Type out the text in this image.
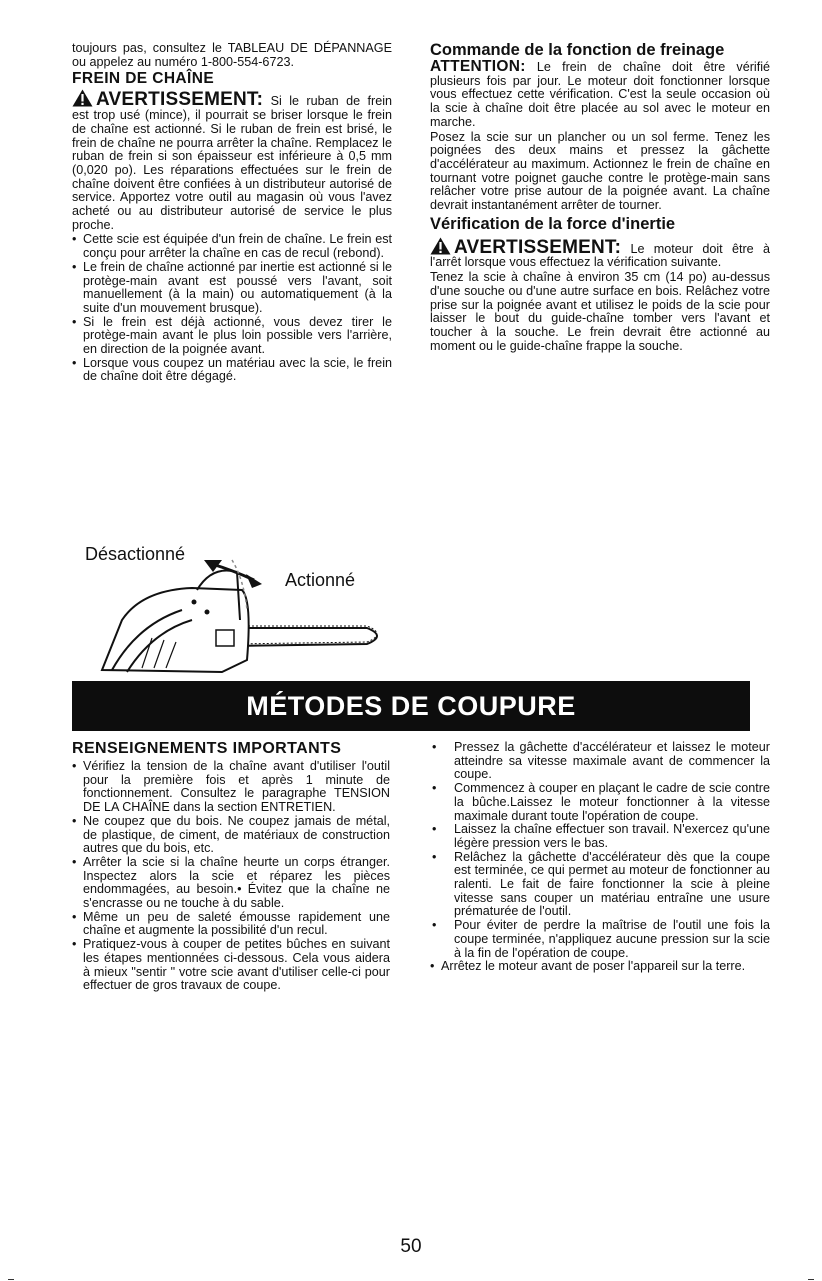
toujours pas, consultez le TABLEAU DE DÉPANNAGE ou appelez au numéro 1-800-554-6723.

FREIN DE CHAÎNE

AVERTISSEMENT: Si le ruban de frein est trop usé (mince), il pourrait se briser lorsque le frein de chaîne est actionné. Si le ruban de frein est brisé, le frein de chaîne ne pourra arrêter la chaîne. Remplacez le ruban de frein si son épaisseur est inférieure à 0,5 mm (0,020 po). Les réparations effectuées sur le frein de chaîne doivent être confiées à un distributeur autorisé de service. Apportez votre outil au magasin où vous l'avez acheté ou au distributeur autorisé de service le plus proche.

• Cette scie est équipée d'un frein de chaîne. Le frein est conçu pour arrêter la chaîne en cas de recul (rebond).
• Le frein de chaîne actionné par inertie est actionné si le protège-main avant est poussé vers l'avant, soit manuellement (à la main) ou automatiquement (à la suite d'un mouvement brusque).
• Si le frein est déjà actionné, vous devez tirer le protège-main avant le plus loin possible vers l'arrière, en direction de la poignée avant.
• Lorsque vous coupez un matériau avec la scie, le frein de chaîne doit être dégagé.
Désactionné
Actionné
Commande de la fonction de freinage

ATTENTION: Le frein de chaîne doit être vérifié plusieurs fois par jour. Le moteur doit fonctionner lorsque vous effectuez cette vérification. C'est la seule occasion où la scie à chaîne doit être placée au sol avec le moteur en marche.

Posez la scie sur un plancher ou un sol ferme. Tenez les poignées des deux mains et pressez la gâchette d'accélérateur au maximum. Actionnez le frein de chaîne en tournant votre poignet gauche contre le protège-main sans relâcher votre prise autour de la poignée avant. La chaîne devrait instantanément arrêter de tourner.

Vérification de la force d'inertie

AVERTISSEMENT: Le moteur doit être à l'arrêt lorsque vous effectuez la vérification suivante.

Tenez la scie à chaîne à environ 35 cm (14 po) au-dessus d'une souche ou d'une autre surface en bois. Relâchez votre prise sur la poignée avant et utilisez le poids de la scie pour laisser le bout du guide-chaîne tomber vers l'avant et toucher à la souche. Le frein devrait être actionné au moment ou le guide-chaîne frappe la souche.

MÉTODES DE COUPURE
RENSEIGNEMENTS IMPORTANTS
• Vérifiez la tension de la chaîne avant d'utiliser l'outil pour la première fois et après 1 minute de fonctionnement. Consultez le paragraphe TENSION DE LA CHAÎNE dans la section ENTRETIEN.
• Ne coupez que du bois. Ne coupez jamais de métal, de plastique, de ciment, de matériaux de construction autres que du bois, etc.
• Arrêter la scie si la chaîne heurte un corps étranger. Inspectez alors la scie et réparez les pièces endommagées, au besoin.• Évitez que la chaîne ne s'encrasse ou ne touche à du sable.
• Même un peu de saleté émousse rapidement une chaîne et augmente la possibilité d'un recul.
• Pratiquez-vous à couper de petites bûches en suivant les étapes mentionnées ci-dessous. Cela vous aidera à mieux "sentir " votre scie avant d'utiliser celle-ci pour effectuer de gros travaux de coupe.
• Pressez la gâchette d'accélérateur et laissez le moteur atteindre sa vitesse maximale avant de commencer la coupe.
• Commencez à couper en plaçant le cadre de scie contre la bûche.Laissez le moteur fonctionner à la vitesse maximale durant toute l'opération de coupe.
• Laissez la chaîne effectuer son travail. N'exercez qu'une légère pression vers le bas.
• Relâchez la gâchette d'accélérateur dès que la coupe est terminée, ce qui permet au moteur de fonctionner au ralenti. Le fait de faire fonctionner la scie à pleine vitesse sans couper un matériau entraîne une usure prématurée de l'outil.
• Pour éviter de perdre la maîtrise de l'outil une fois la coupe terminée, n'appliquez aucune pression sur la scie à la fin de l'opération de coupe.
• Arrêtez le moteur avant de poser l'appareil sur la terre.
50
